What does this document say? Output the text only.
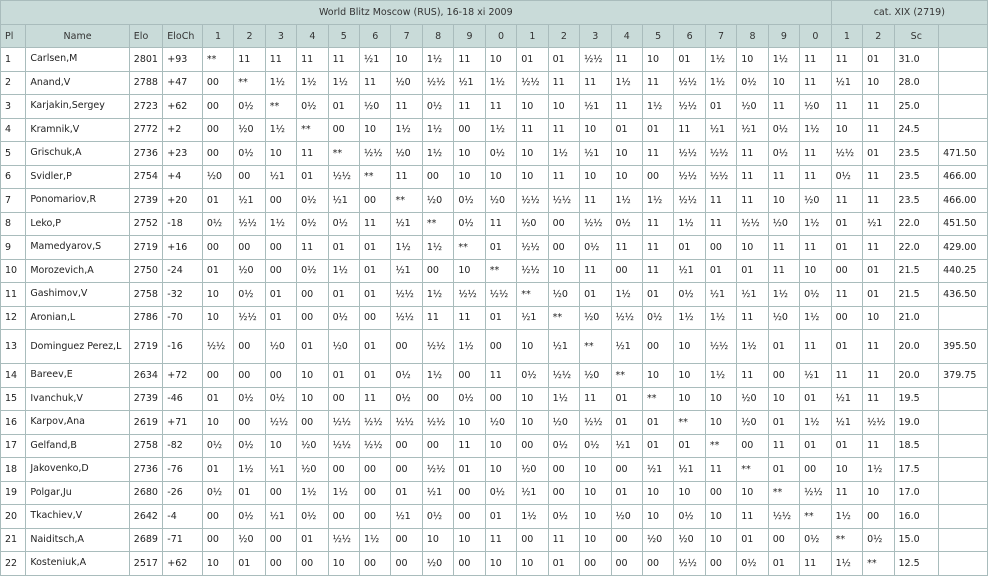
World Blitz Moscow (RUS), 16-18 xi 2009																								cat. XIX (2719)			
Pl	Name	Elo	EloCh	1	2	3	4	5	6	7	8	9	0	1	2	3	4	5	6	7	8	9	0	1	2	Sc	
1	Carlsen,M	2801	+93	**	11	11	11	11	½1	10	1½	11	10	01	01	½½	11	10	01	1½	10	1½	11	11	01	31.0	
2	Anand,V	2788	+47	00	**	1½	1½	1½	11	½0	½½	½1	1½	½½	11	11	1½	11	½½	1½	0½	10	11	½1	10	28.0	
3	Karjakin,Sergey	2723	+62	00	0½	**	0½	01	½0	11	0½	11	11	10	10	½1	11	1½	½½	01	½0	11	½0	11	11	25.0	
4	Kramnik,V	2772	+2	00	½0	1½	**	00	10	1½	1½	00	1½	11	11	10	01	01	11	½1	½1	0½	1½	10	11	24.5	
5	Grischuk,A	2736	+23	00	0½	10	11	**	½½	½0	1½	10	0½	10	1½	½1	10	11	½½	½½	11	0½	11	½½	01	23.5	471.50
6	Svidler,P	2754	+4	½0	00	½1	01	½½	**	11	00	10	10	10	11	10	10	00	½½	½½	11	11	11	0½	11	23.5	466.00
7	Ponomariov,R	2739	+20	01	½1	00	0½	½1	00	**	½0	0½	½0	½½	½½	11	1½	1½	½½	11	11	10	½0	11	11	23.5	466.00
8	Leko,P	2752	-18	0½	½½	1½	0½	0½	11	½1	**	0½	11	½0	00	½½	0½	11	1½	11	½½	½0	1½	01	½1	22.0	451.50
9	Mamedyarov,S	2719	+16	00	00	00	11	01	01	1½	1½	**	01	½½	00	0½	11	11	01	00	10	11	11	01	11	22.0	429.00
10	Morozevich,A	2750	-24	01	½0	00	0½	1½	01	½1	00	10	**	½½	10	11	00	11	½1	01	01	11	10	00	01	21.5	440.25
11	Gashimov,V	2758	-32	10	0½	01	00	01	01	½½	1½	½½	½½	**	½0	01	1½	01	0½	½1	½1	1½	0½	11	01	21.5	436.50
12	Aronian,L	2786	-70	10	½½	01	00	0½	00	½½	11	11	01	½1	**	½0	½½	0½	1½	1½	11	½0	1½	00	10	21.0	
13	Dominguez Perez,L	2719	-16	½½	00	½0	01	½0	01	00	½½	1½	00	10	½1	**	½1	00	10	½½	1½	01	11	01	11	20.0	395.50
14	Bareev,E	2634	+72	00	00	00	10	01	01	0½	1½	00	11	0½	½½	½0	**	10	10	1½	11	00	½1	11	11	20.0	379.75
15	Ivanchuk,V	2739	-46	01	0½	0½	10	00	11	0½	00	0½	00	10	1½	11	01	**	10	10	½0	10	01	½1	11	19.5	
16	Karpov,Ana	2619	+71	10	00	½½	00	½½	½½	½½	½½	10	½0	10	½0	½½	01	01	**	10	½0	01	1½	½1	½½	19.0	
17	Gelfand,B	2758	-82	0½	0½	10	½0	½½	½½	00	00	11	10	00	0½	0½	½1	01	01	**	00	11	01	01	11	18.5	
18	Jakovenko,D	2736	-76	01	1½	½1	½0	00	00	00	½½	01	10	½0	00	10	00	½1	½1	11	**	01	00	10	1½	17.5	
19	Polgar,Ju	2680	-26	0½	01	00	1½	1½	00	01	½1	00	0½	½1	00	10	01	10	10	00	10	**	½½	11	10	17.0	
20	Tkachiev,V	2642	-4	00	0½	½1	0½	00	00	½1	0½	00	01	1½	0½	10	½0	10	0½	10	11	½½	**	1½	00	16.0	
21	Naiditsch,A	2689	-71	00	½0	00	01	½½	1½	00	10	10	11	00	11	10	00	½0	½0	10	01	00	0½	**	0½	15.0	
22	Kosteniuk,A	2517	+62	10	01	00	00	10	00	00	½0	00	10	10	01	00	00	00	½½	00	0½	01	11	1½	**	12.5	
